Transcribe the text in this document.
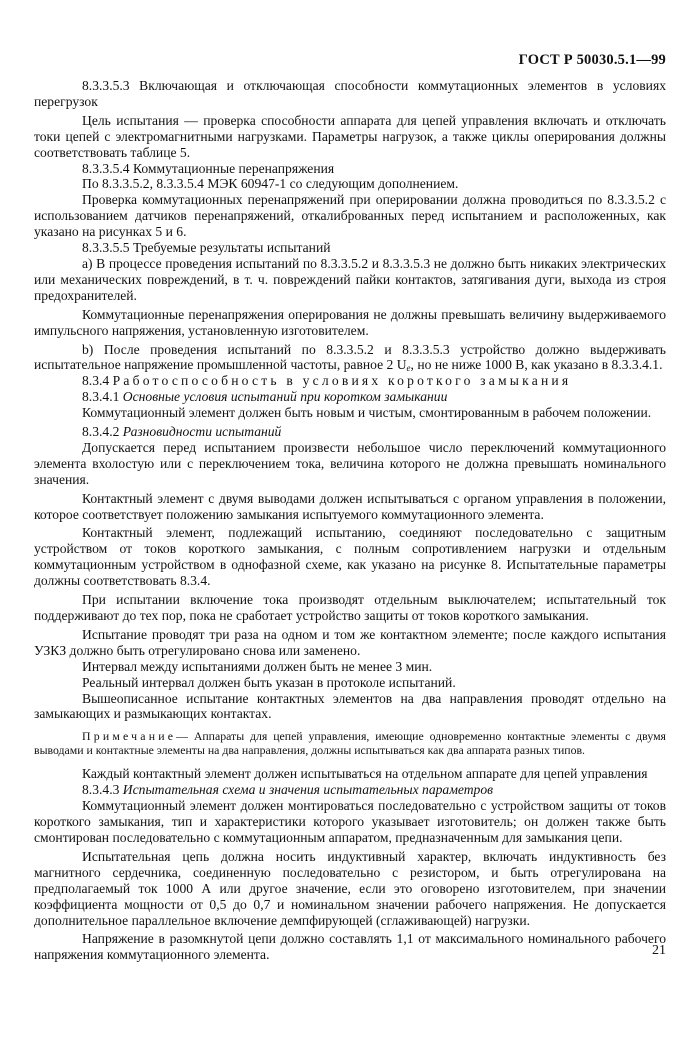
ГОСТ Р 50030.5.1—99

8.3.3.5.3 Включающая и отключающая способности коммутационных элементов в условиях перегрузок

Цель испытания — проверка способности аппарата для цепей управления включать и отключать токи цепей с электромагнитными нагрузками. Параметры нагрузок, а также циклы оперирования должны соответствовать таблице 5.

8.3.3.5.4 Коммутационные перенапряжения

По 8.3.3.5.2, 8.3.3.5.4 МЭК 60947-1 со следующим дополнением.

Проверка коммутационных перенапряжений при оперировании должна проводиться по 8.3.3.5.2 с использованием датчиков перенапряжений, откалиброванных перед испытанием и расположенных, как указано на рисунках 5 и 6.

8.3.3.5.5 Требуемые результаты испытаний

а) В процессе проведения испытаний по 8.3.3.5.2 и 8.3.3.5.3 не должно быть никаких электрических или механических повреждений, в т. ч. повреждений пайки контактов, затягивания дуги, выхода из строя предохранителей.

Коммутационные перенапряжения оперирования не должны превышать величину выдерживаемого импульсного напряжения, установленную изготовителем.

b) После проведения испытаний по 8.3.3.5.2 и 8.3.3.5.3 устройство должно выдерживать испытательное напряжение промышленной частоты, равное 2 $U_e$, но не ниже 1000 В, как указано в 8.3.3.4.1.

8.3.4 Работоспособность в условиях короткого замыкания

8.3.4.1 Основные условия испытаний при коротком замыкании

Коммутационный элемент должен быть новым и чистым, смонтированным в рабочем положении.

8.3.4.2 Разновидности испытаний

Допускается перед испытанием произвести небольшое число переключений коммутационного элемента вхолостую или с переключением тока, величина которого не должна превышать номинального значения.

Контактный элемент с двумя выводами должен испытываться с органом управления в положении, которое соответствует положению замыкания испытуемого коммутационного элемента.

Контактный элемент, подлежащий испытанию, соединяют последовательно с защитным устройством от токов короткого замыкания, с полным сопротивлением нагрузки и отдельным коммутационным устройством в однофазной схеме, как указано на рисунке 8. Испытательные параметры должны соответствовать 8.3.4.

При испытании включение тока производят отдельным выключателем; испытательный ток поддерживают до тех пор, пока не сработает устройство защиты от токов короткого замыкания.

Испытание проводят три раза на одном и том же контактном элементе; после каждого испытания УЗКЗ должно быть отрегулировано снова или заменено.

Интервал между испытаниями должен быть не менее 3 мин.

Реальный интервал должен быть указан в протоколе испытаний.

Вышеописанное испытание контактных элементов на два направления проводят отдельно на замыкающих и размыкающих контактах.

Примечание— Аппараты для цепей управления, имеющие одновременно контактные элементы с двумя выводами и контактные элементы на два направления, должны испытываться как два аппарата разных типов.

Каждый контактный элемент должен испытываться на отдельном аппарате для цепей управления

8.3.4.3 Испытательная схема и значения испытательных параметров

Коммутационный элемент должен монтироваться последовательно с устройством защиты от токов короткого замыкания, тип и характеристики которого указывает изготовитель; он должен также быть смонтирован последовательно с коммутационным аппаратом, предназначенным для замыкания цепи.

Испытательная цепь должна носить индуктивный характер, включать индуктивность без магнитного сердечника, соединенную последовательно с резистором, и быть отрегулирована на предполагаемый ток 1000 А или другое значение, если это оговорено изготовителем, при значении коэффициента мощности от 0,5 до 0,7 и номинальном значении рабочего напряжения. Не допускается дополнительное параллельное включение демпфирующей (сглаживающей) нагрузки.

Напряжение в разомкнутой цепи должно составлять 1,1 от максимального номинального рабочего напряжения коммутационного элемента.	21
